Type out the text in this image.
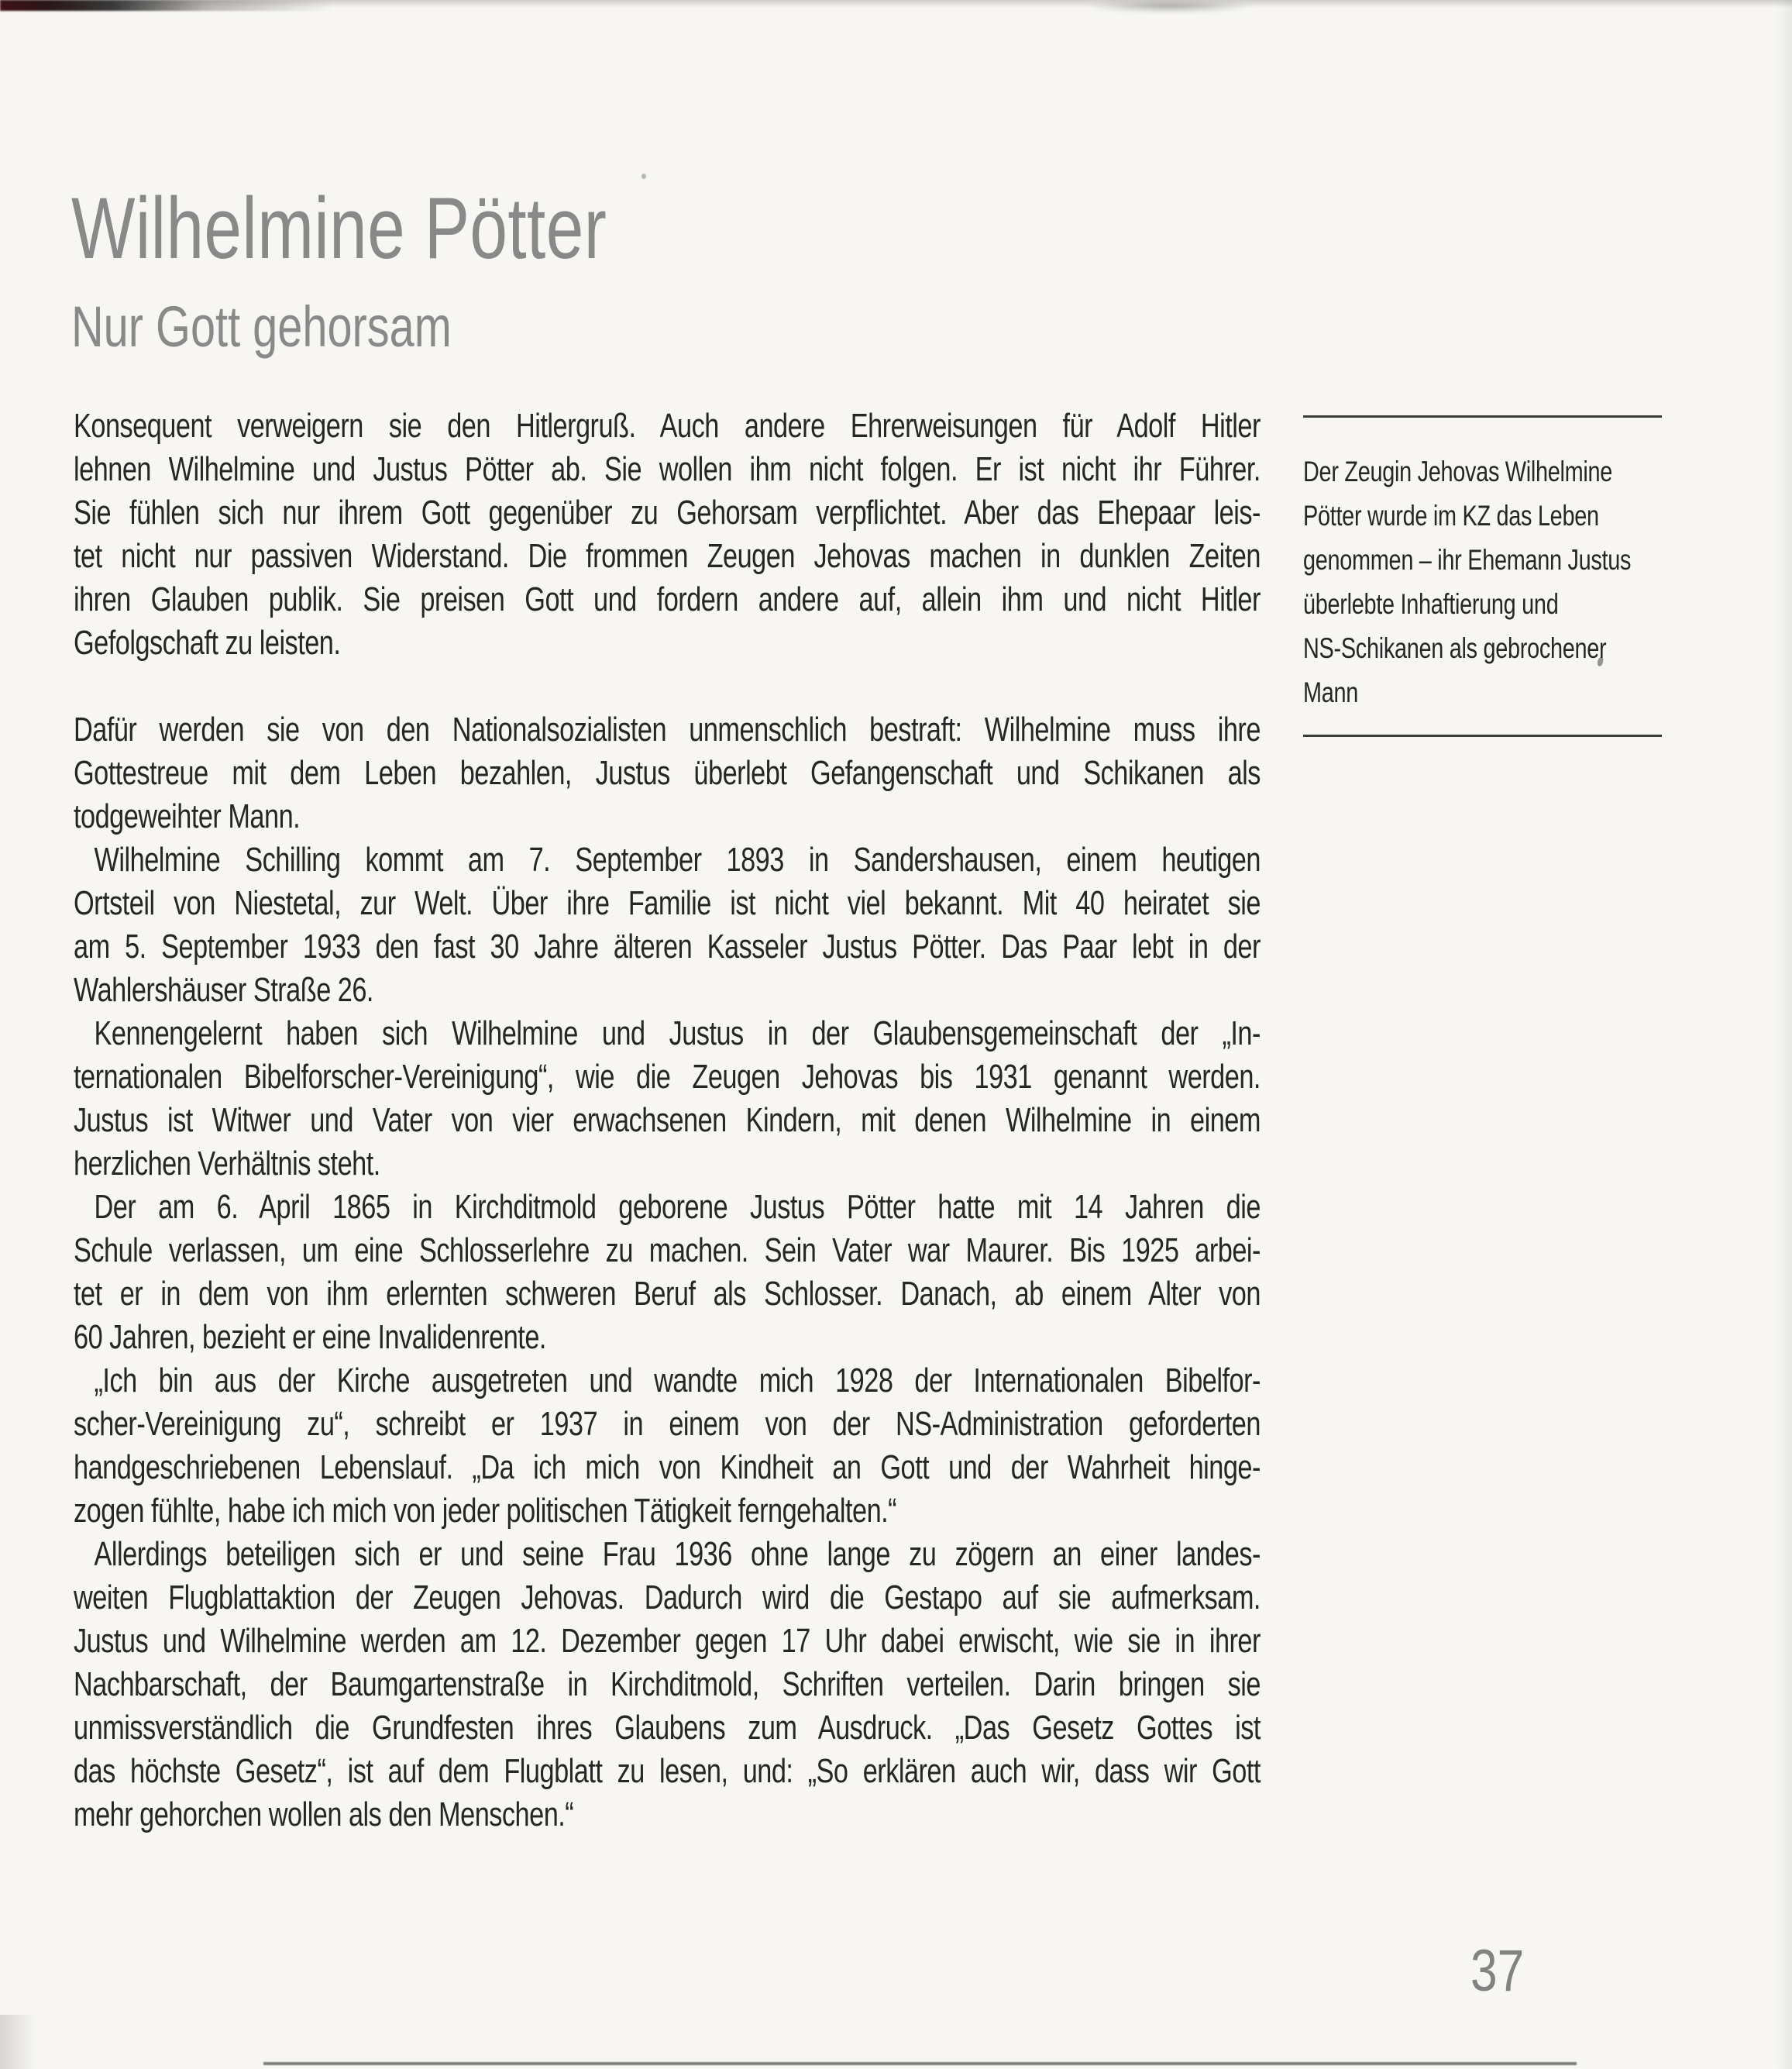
Wilhelmine Pötter
Nur Gott gehorsam
Konsequent verweigern sie den Hitlergruß. Auch andere Ehrerweisungen für Adolf Hitler
lehnen Wilhelmine und Justus Pötter ab. Sie wollen ihm nicht folgen. Er ist nicht ihr Führer.
Sie fühlen sich nur ihrem Gott gegenüber zu Gehorsam verpflichtet. Aber das Ehepaar leis-
tet nicht nur passiven Widerstand. Die frommen Zeugen Jehovas machen in dunklen Zeiten
ihren Glauben publik. Sie preisen Gott und fordern andere auf, allein ihm und nicht Hitler
Gefolgschaft zu leisten.
Dafür werden sie von den Nationalsozialisten unmenschlich bestraft: Wilhelmine muss ihre
Gottestreue mit dem Leben bezahlen, Justus überlebt Gefangenschaft und Schikanen als
todgeweihter Mann.
Wilhelmine Schilling kommt am 7. September 1893 in Sandershausen, einem heutigen
Ortsteil von Niestetal, zur Welt. Über ihre Familie ist nicht viel bekannt. Mit 40 heiratet sie
am 5. September 1933 den fast 30 Jahre älteren Kasseler Justus Pötter. Das Paar lebt in der
Wahlershäuser Straße 26.
Kennengelernt haben sich Wilhelmine und Justus in der Glaubensgemeinschaft der „In-
ternationalen Bibelforscher-Vereinigung“, wie die Zeugen Jehovas bis 1931 genannt werden.
Justus ist Witwer und Vater von vier erwachsenen Kindern, mit denen Wilhelmine in einem
herzlichen Verhältnis steht.
Der am 6. April 1865 in Kirchditmold geborene Justus Pötter hatte mit 14 Jahren die
Schule verlassen, um eine Schlosserlehre zu machen. Sein Vater war Maurer. Bis 1925 arbei-
tet er in dem von ihm erlernten schweren Beruf als Schlosser. Danach, ab einem Alter von
60 Jahren, bezieht er eine Invalidenrente.
„Ich bin aus der Kirche ausgetreten und wandte mich 1928 der Internationalen Bibelfor-
scher-Vereinigung zu“, schreibt er 1937 in einem von der NS-Administration geforderten
handgeschriebenen Lebenslauf. „Da ich mich von Kindheit an Gott und der Wahrheit hinge-
zogen fühlte, habe ich mich von jeder politischen Tätigkeit ferngehalten.“
Allerdings beteiligen sich er und seine Frau 1936 ohne lange zu zögern an einer landes-
weiten Flugblattaktion der Zeugen Jehovas. Dadurch wird die Gestapo auf sie aufmerksam.
Justus und Wilhelmine werden am 12. Dezember gegen 17 Uhr dabei erwischt, wie sie in ihrer
Nachbarschaft, der Baumgartenstraße in Kirchditmold, Schriften verteilen. Darin bringen sie
unmissverständlich die Grundfesten ihres Glaubens zum Ausdruck. „Das Gesetz Gottes ist
das höchste Gesetz“, ist auf dem Flugblatt zu lesen, und: „So erklären auch wir, dass wir Gott
mehr gehorchen wollen als den Menschen.“
Der Zeugin Jehovas Wilhelmine
Pötter wurde im KZ das Leben
genommen – ihr Ehemann Justus
überlebte Inhaftierung und
NS-Schikanen als gebrochener
Mann
37
